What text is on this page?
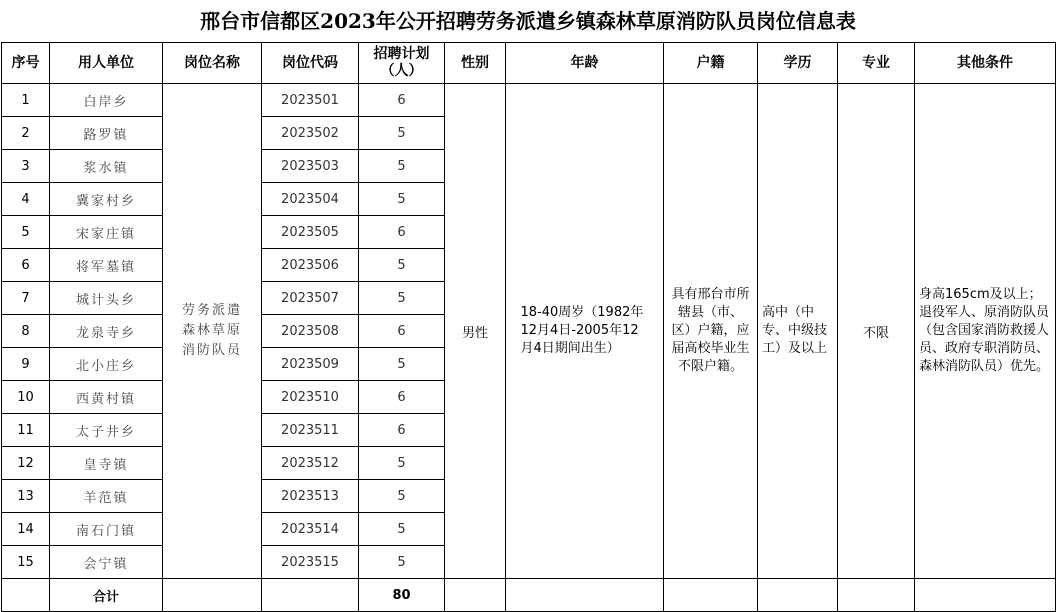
邢台市信都区2023年公开招聘劳务派遣乡镇森林草原消防队员岗位信息表
序号	用人单位	岗位名称	岗位代码	招聘计划（人）	性别	年龄	户籍	学历	专业	其他条件
1	白岸乡	劳务派遣森林草原消防队员	2023501	6	男性	18-40周岁（1982年12月4日-2005年12月4日期间出生）	具有邢台市所辖县（市、区）户籍，应届高校毕业生不限户籍。	高中（中专、中级技工）及以上	不限	身高165cm及以上；退役军人、原消防队员（包含国家消防救援人员、政府专职消防员、森林消防队员）优先。

2	路罗镇		2023502	5						
3	浆水镇		2023503	5						
4	冀家村乡		2023504	5						
5	宋家庄镇		2023505	6						
6	将军墓镇		2023506	5						
7	城计头乡		2023507	5						
8	龙泉寺乡		2023508	6						
9	北小庄乡		2023509	5						
10	西黄村镇		2023510	6						
11	太子井乡		2023511	6						
12	皇寺镇		2023512	5						
13	羊范镇		2023513	5						
14	南石门镇		2023514	5						
15	会宁镇		2023515	5						
	合计			80						
